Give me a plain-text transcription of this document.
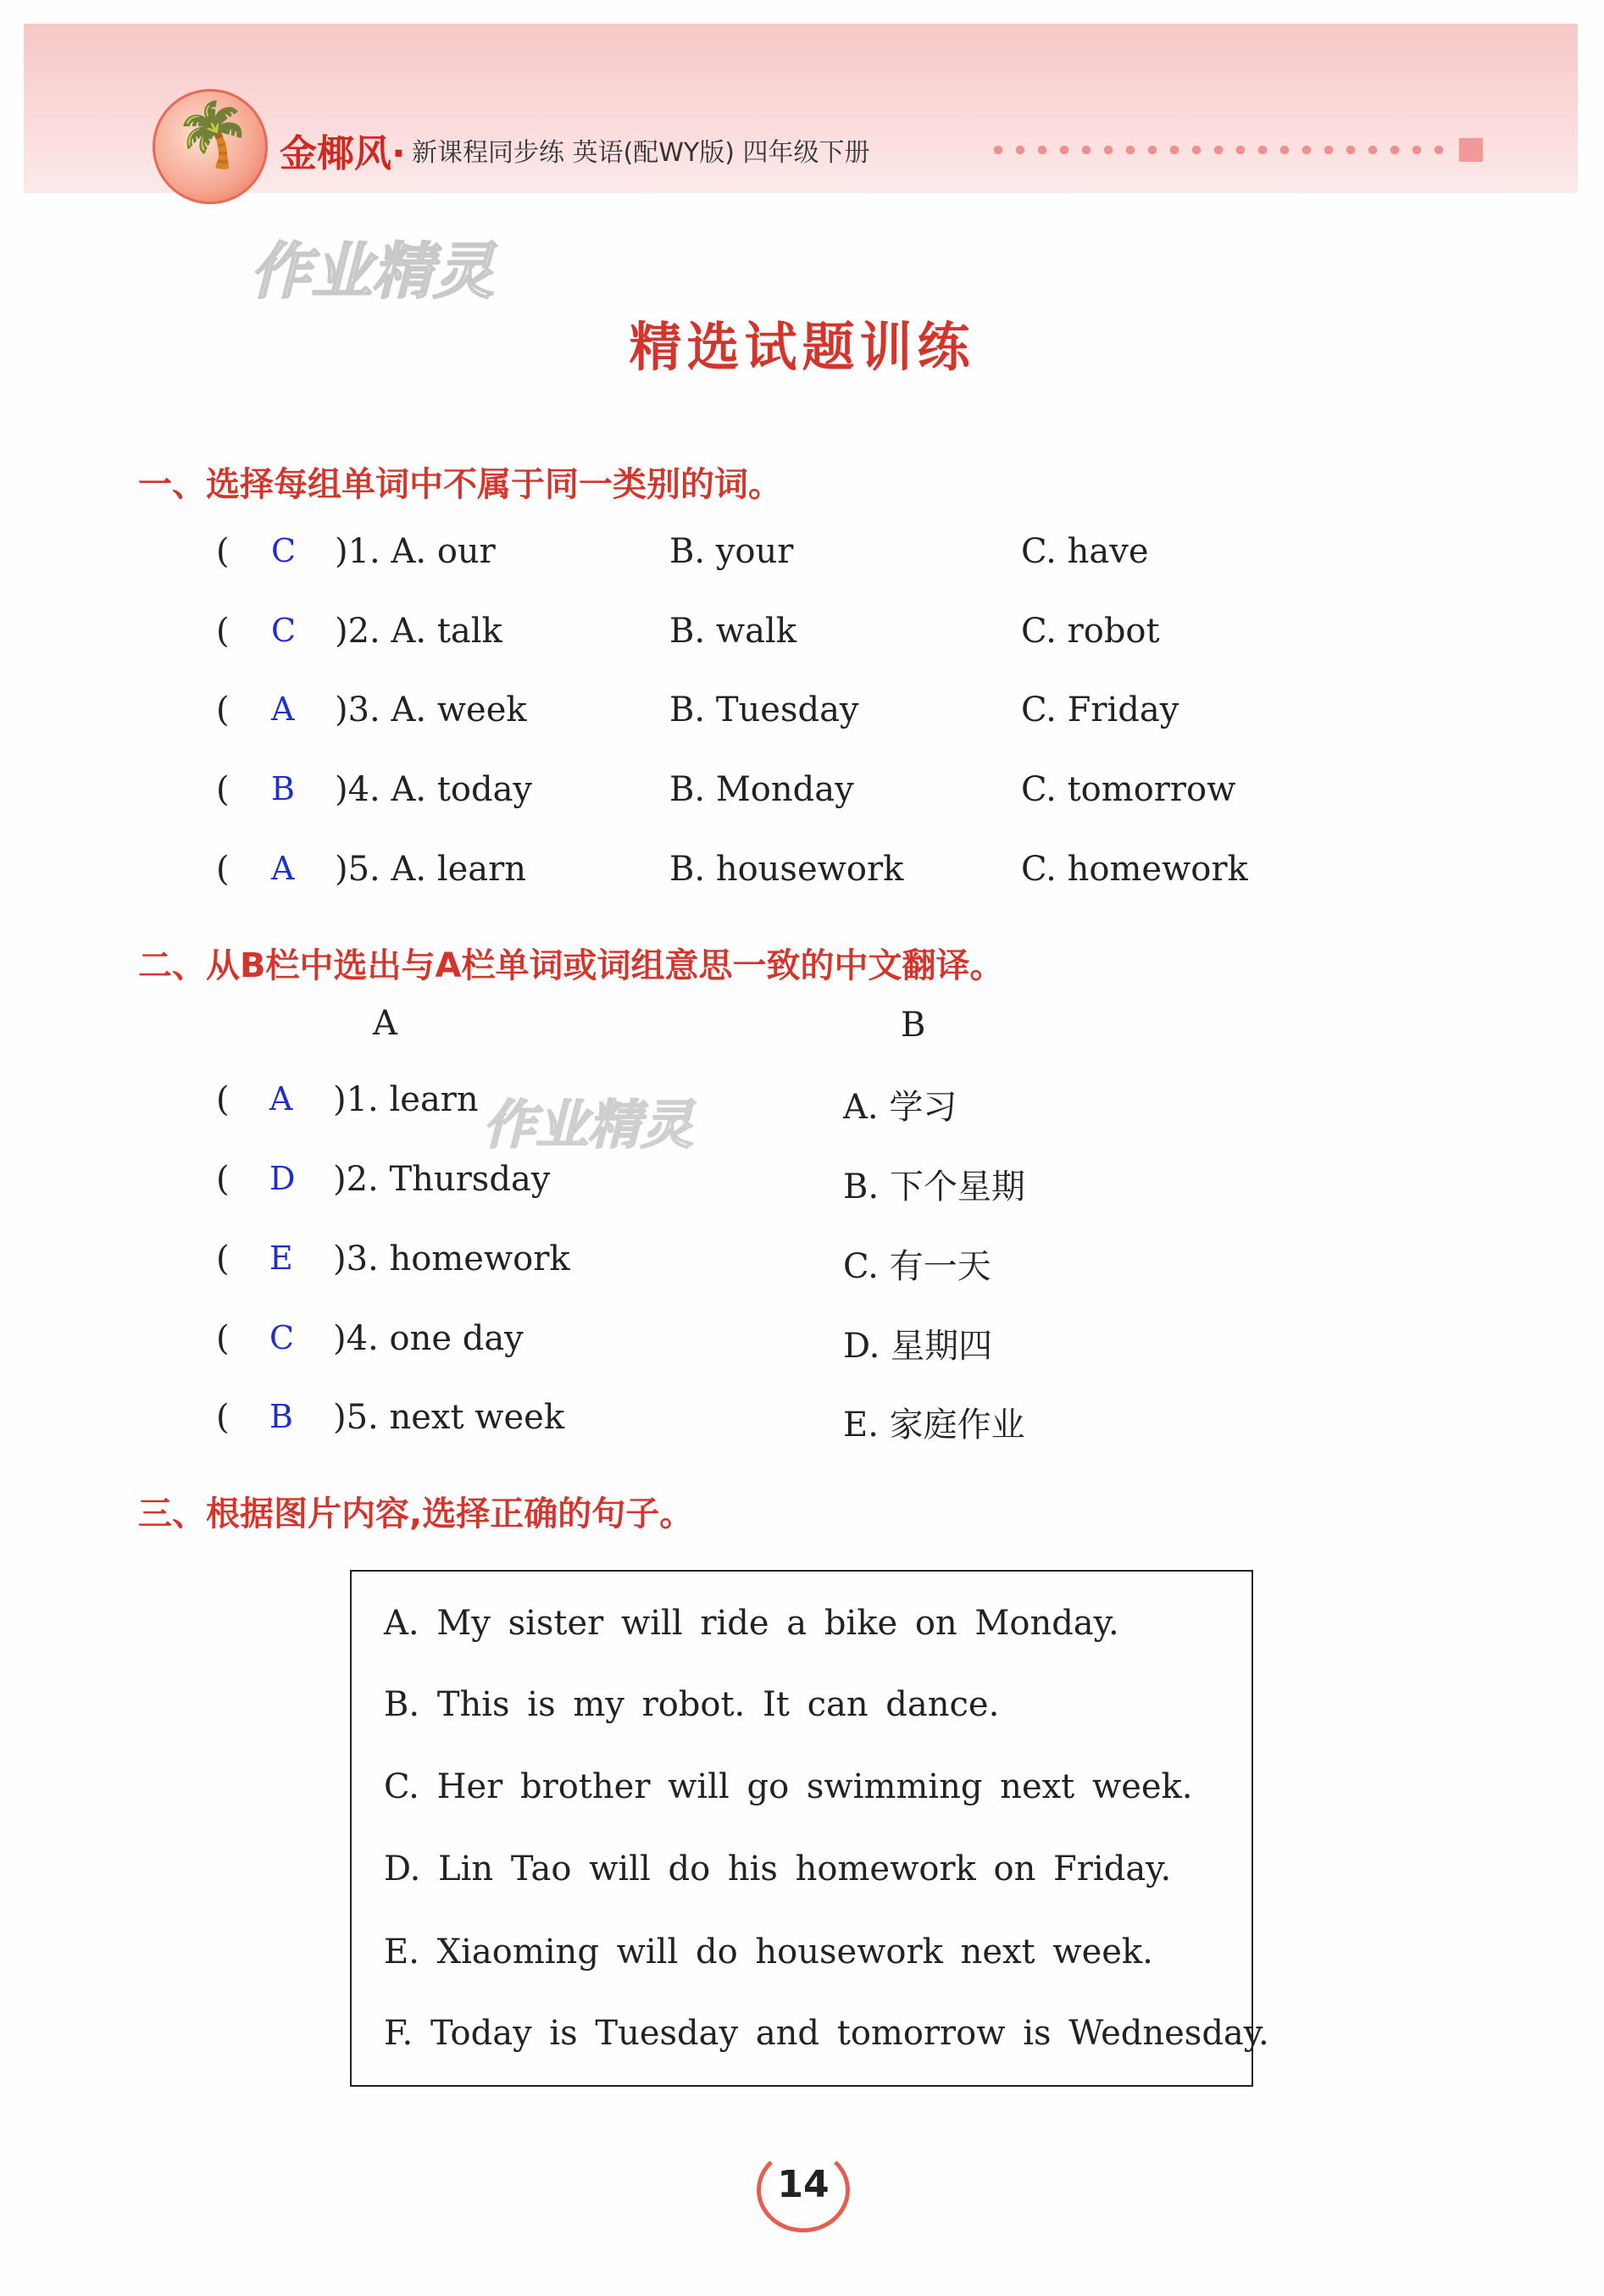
🌴 金椰风· 新课程同步练 英语(配WY版) 四年级下册
作业精灵
作业精灵
精选试题训练
一、选择每组单词中不属于同一类别的词。
( C )1. A. our	B. your	C. have
( C )2. A. talk	B. walk	C. robot
( A )3. A. week	B. Tuesday	C. Friday
( B )4. A. today	B. Monday	C. tomorrow
( A )5. A. learn	B. housework	C. homework
二、从B栏中选出与A栏单词或词组意思一致的中文翻译。
A	B
( A )1. learn	A. 学习
( D )2. Thursday	B. 下个星期
( E )3. homework	C. 有一天
( C )4. one day	D. 星期四
( B )5. next week	E. 家庭作业
三、根据图片内容,选择正确的句子。
A. My sister will ride a bike on Monday.
B. This is my robot. It can dance.
C. Her brother will go swimming next week.
D. Lin Tao will do his homework on Friday.
E. Xiaoming will do housework next week.
F. Today is Tuesday and tomorrow is Wednesday.
14
